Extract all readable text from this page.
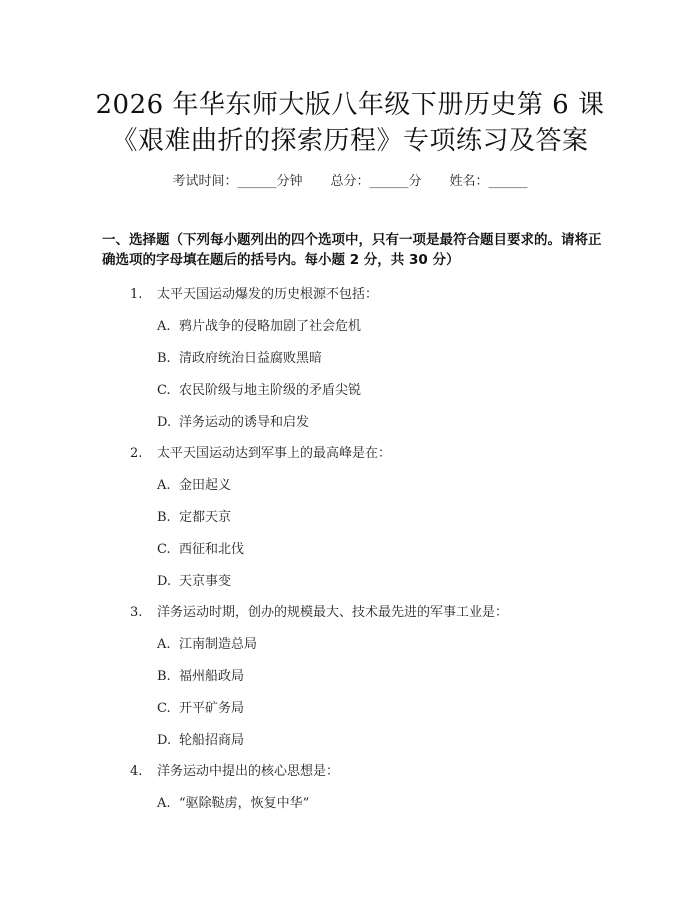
2026 年华东师大版八年级下册历史第 6 课
《艰难曲折的探索历程》专项练习及答案
考试时间：______分钟 总分：______分 姓名：______
一、选择题（下列每小题列出的四个选项中，只有一项是最符合题目要求的。请将正确选项的字母填在题后的括号内。每小题 2 分，共 30 分）
1. 太平天国运动爆发的历史根源不包括：
A. 鸦片战争的侵略加剧了社会危机
B. 清政府统治日益腐败黑暗
C. 农民阶级与地主阶级的矛盾尖锐
D. 洋务运动的诱导和启发
2. 太平天国运动达到军事上的最高峰是在：
A. 金田起义
B. 定都天京
C. 西征和北伐
D. 天京事变
3. 洋务运动时期，创办的规模最大、技术最先进的军事工业是：
A. 江南制造总局
B. 福州船政局
C. 开平矿务局
D. 轮船招商局
4. 洋务运动中提出的核心思想是：
A. “驱除鞑虏，恢复中华”
